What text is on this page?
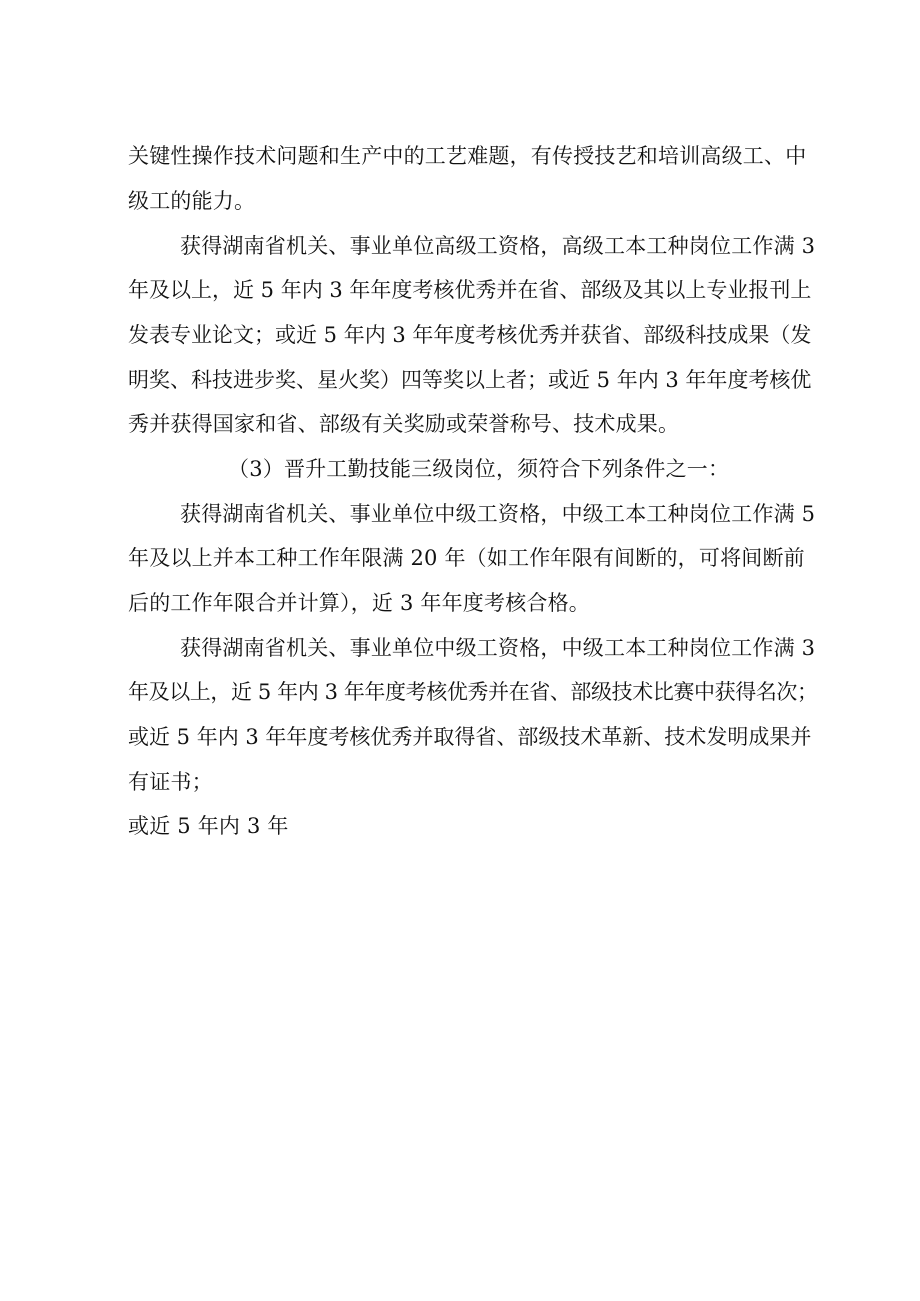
关键性操作技术问题和生产中的工艺难题，有传授技艺和培训高级工、中
级工的能力。
获得湖南省机关、事业单位高级工资格，高级工本工种岗位工作满 3
年及以上，近 5 年内 3 年年度考核优秀并在省、部级及其以上专业报刊上
发表专业论文；或近 5 年内 3 年年度考核优秀并获省、部级科技成果（发
明奖、科技进步奖、星火奖）四等奖以上者；或近 5 年内 3 年年度考核优
秀并获得国家和省、部级有关奖励或荣誉称号、技术成果。
（3）晋升工勤技能三级岗位，须符合下列条件之一：
获得湖南省机关、事业单位中级工资格，中级工本工种岗位工作满 5
年及以上并本工种工作年限满 20 年（如工作年限有间断的，可将间断前
后的工作年限合并计算），近 3 年年度考核合格。
获得湖南省机关、事业单位中级工资格，中级工本工种岗位工作满 3
年及以上，近 5 年内 3 年年度考核优秀并在省、部级技术比赛中获得名次；
或近 5 年内 3 年年度考核优秀并取得省、部级技术革新、技术发明成果并
有证书；
或近 5 年内 3 年
